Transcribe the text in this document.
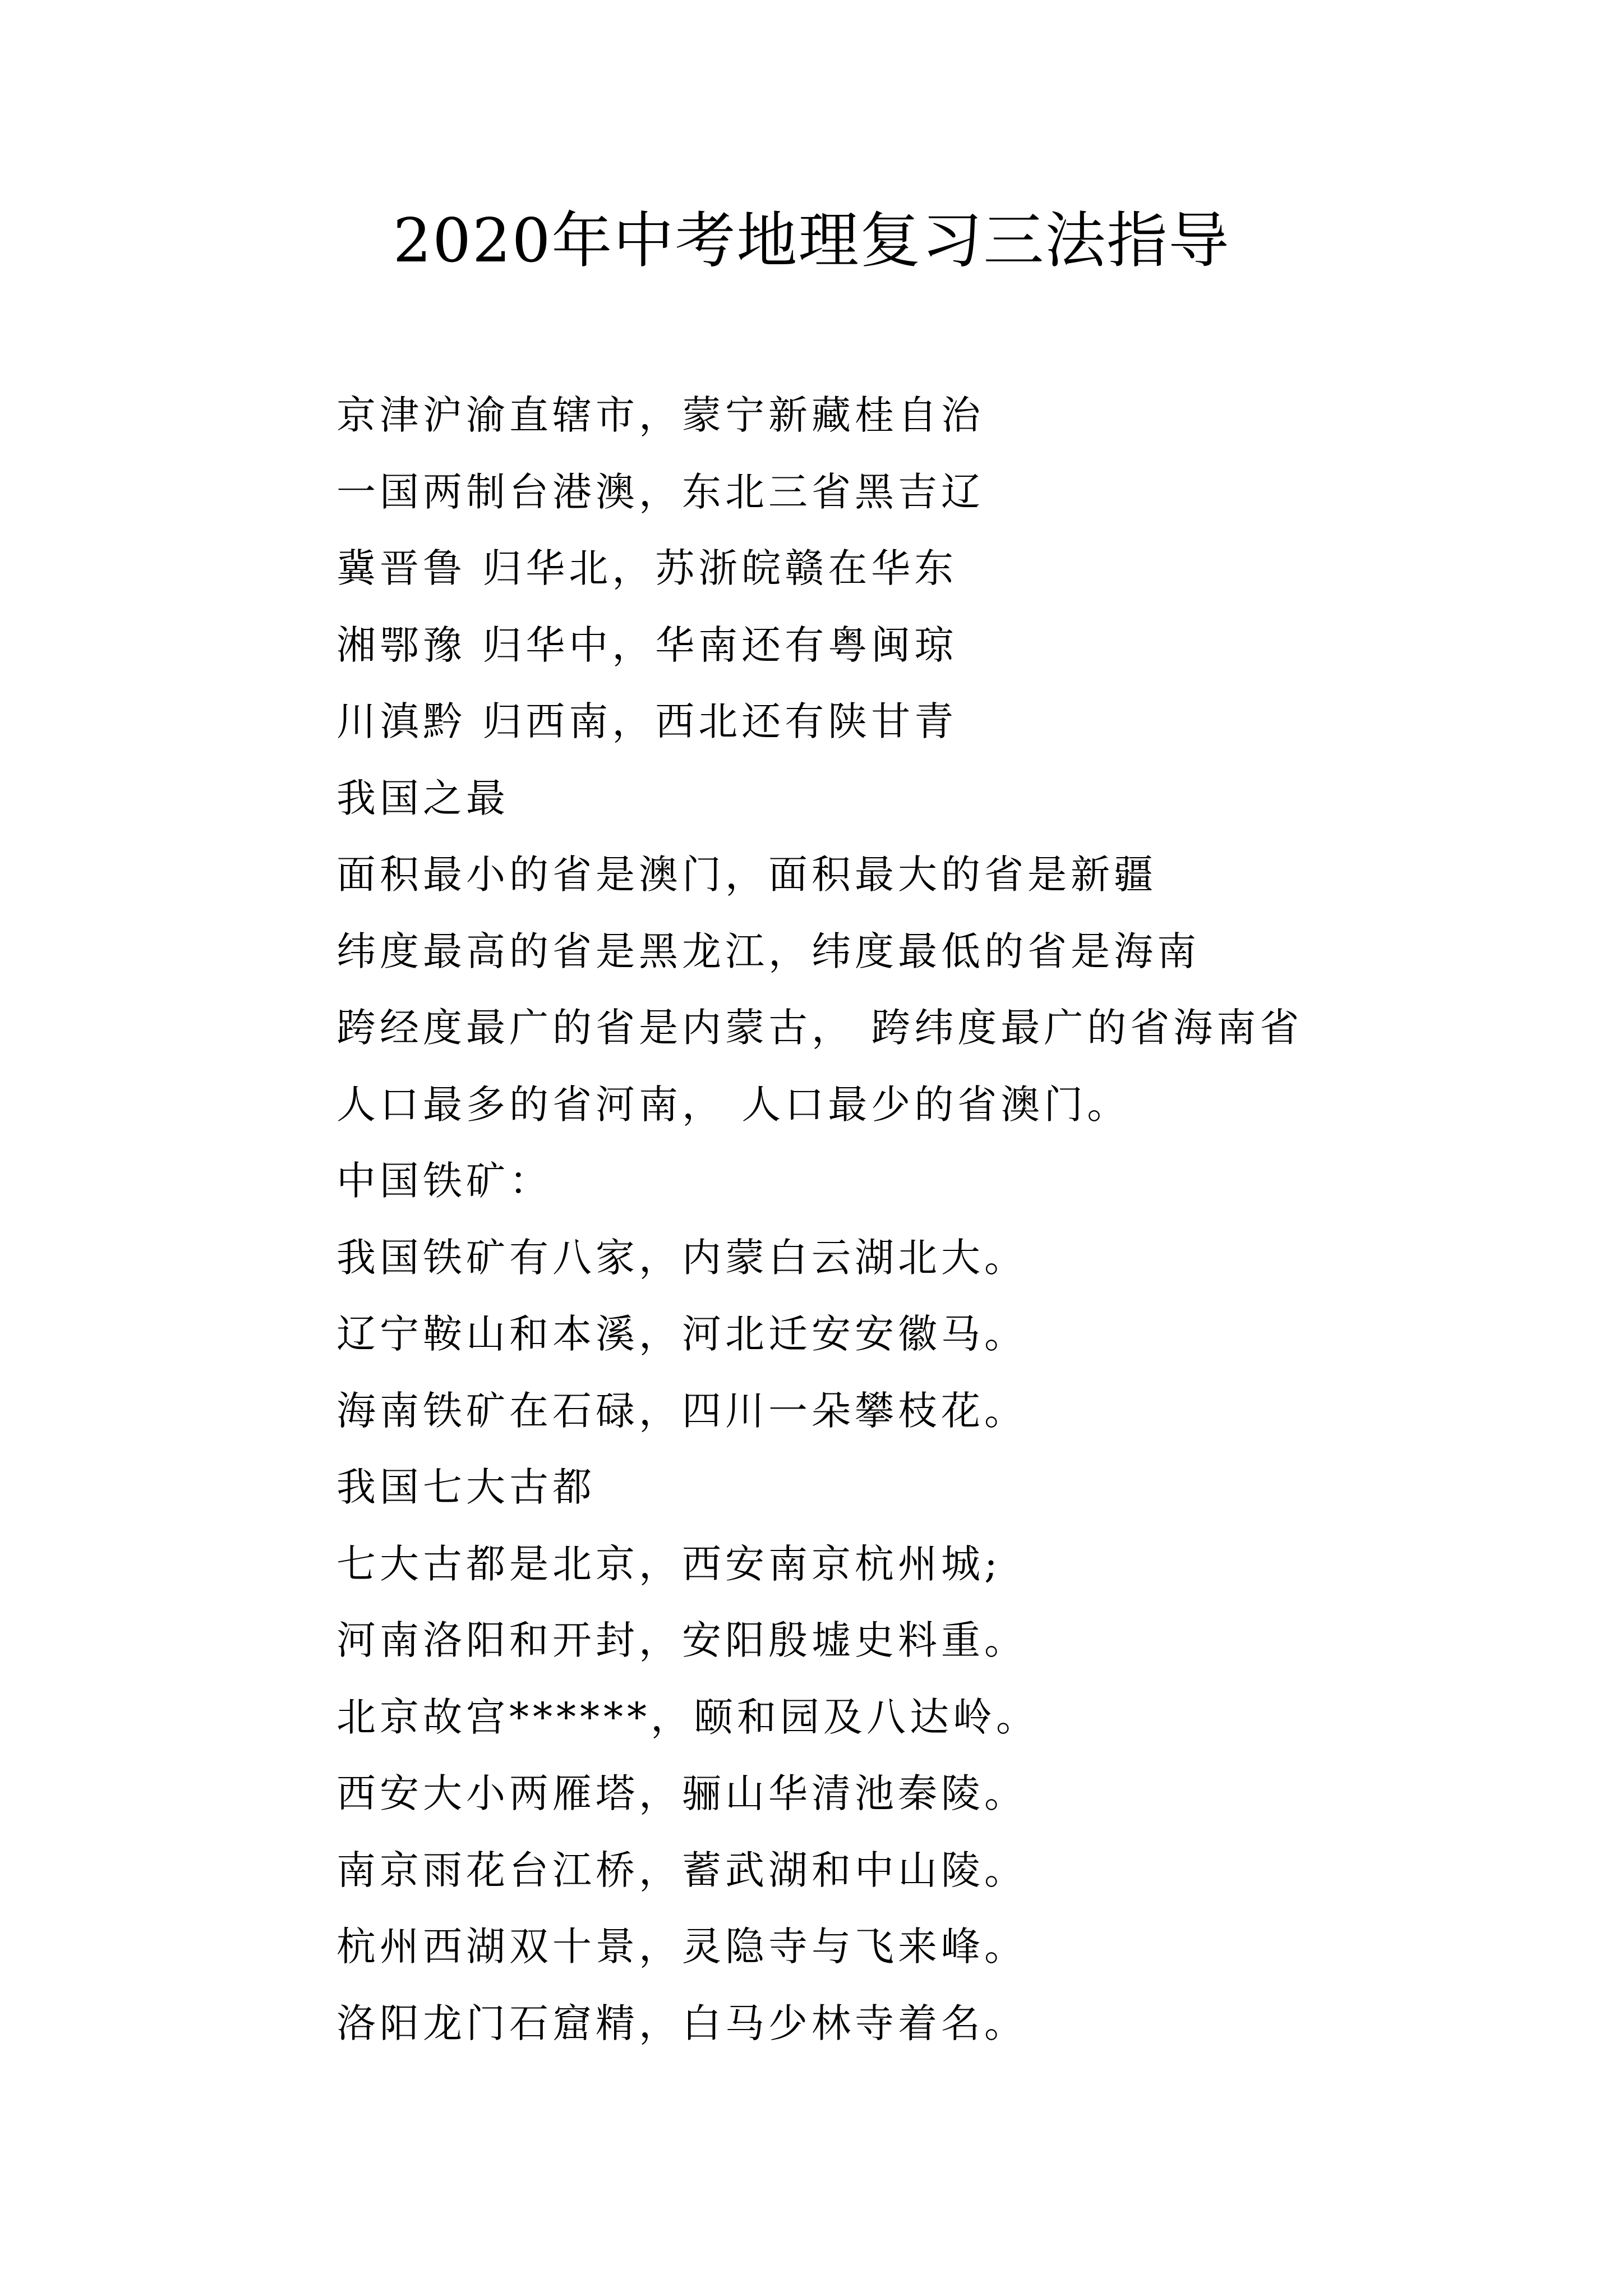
2020年中考地理复习三法指导
京津沪渝直辖市，蒙宁新藏桂自治
一国两制台港澳，东北三省黑吉辽
冀晋鲁 归华北，苏浙皖赣在华东
湘鄂豫 归华中，华南还有粤闽琼
川滇黔 归西南，西北还有陕甘青
我国之最
面积最小的省是澳门，面积最大的省是新疆
纬度最高的省是黑龙江，纬度最低的省是海南
跨经度最广的省是内蒙古， 跨纬度最广的省海南省
人口最多的省河南， 人口最少的省澳门。
中国铁矿：
我国铁矿有八家，内蒙白云湖北大。
辽宁鞍山和本溪，河北迁安安徽马。
海南铁矿在石碌，四川一朵攀枝花。
我国七大古都
七大古都是北京，西安南京杭州城;
河南洛阳和开封，安阳殷墟史料重。
北京故宫******，颐和园及八达岭。
西安大小两雁塔，骊山华清池秦陵。
南京雨花台江桥，蓄武湖和中山陵。
杭州西湖双十景，灵隐寺与飞来峰。
洛阳龙门石窟精，白马少林寺着名。
